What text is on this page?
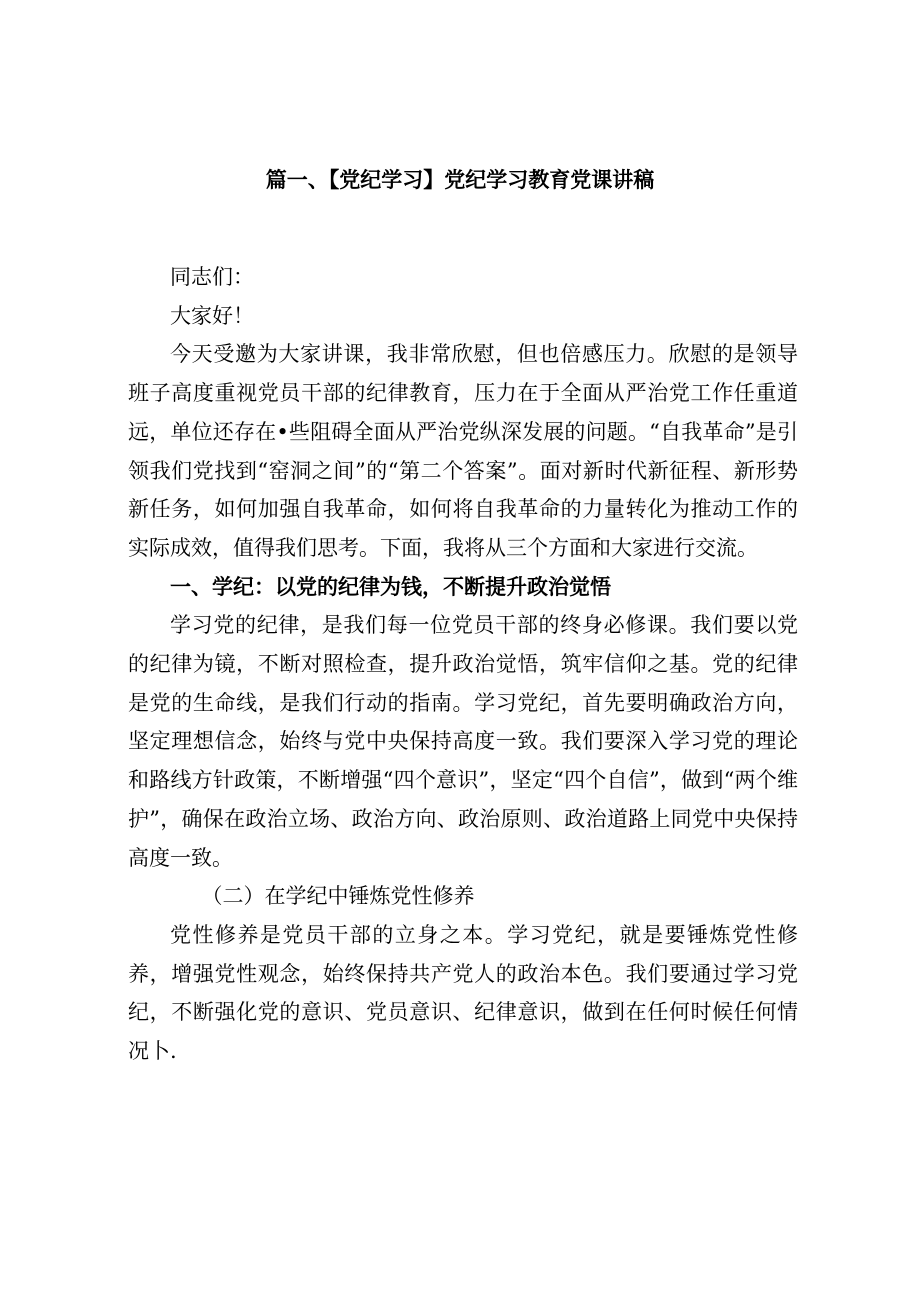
篇一、【党纪学习】党纪学习教育党课讲稿

同志们：

大家好！

今天受邀为大家讲课，我非常欣慰，但也倍感压力。欣慰的是领导班子高度重视党员干部的纪律教育，压力在于全面从严治党工作任重道远，单位还存在•些阻碍全面从严治党纵深发展的问题。“自我革命”是引领我们党找到“窑洞之间”的“第二个答案”。面对新时代新征程、新形势新任务，如何加强自我革命，如何将自我革命的力量转化为推动工作的实际成效，值得我们思考。下面，我将从三个方面和大家进行交流。

一、学纪：以党的纪律为钱，不断提升政治觉悟

学习党的纪律，是我们每一位党员干部的终身必修课。我们要以党的纪律为镜，不断对照检查，提升政治觉悟，筑牢信仰之基。党的纪律是党的生命线，是我们行动的指南。学习党纪，首先要明确政治方向，坚定理想信念，始终与党中央保持高度一致。我们要深入学习党的理论和路线方针政策，不断增强“四个意识”，坚定“四个自信”，做到“两个维护”，确保在政治立场、政治方向、政治原则、政治道路上同党中央保持高度一致。

（二）在学纪中锤炼党性修养

党性修养是党员干部的立身之本。学习党纪，就是要锤炼党性修养，增强党性观念，始终保持共产党人的政治本色。我们要通过学习党纪，不断强化党的意识、党员意识、纪律意识，做到在任何时候任何情况卜.
